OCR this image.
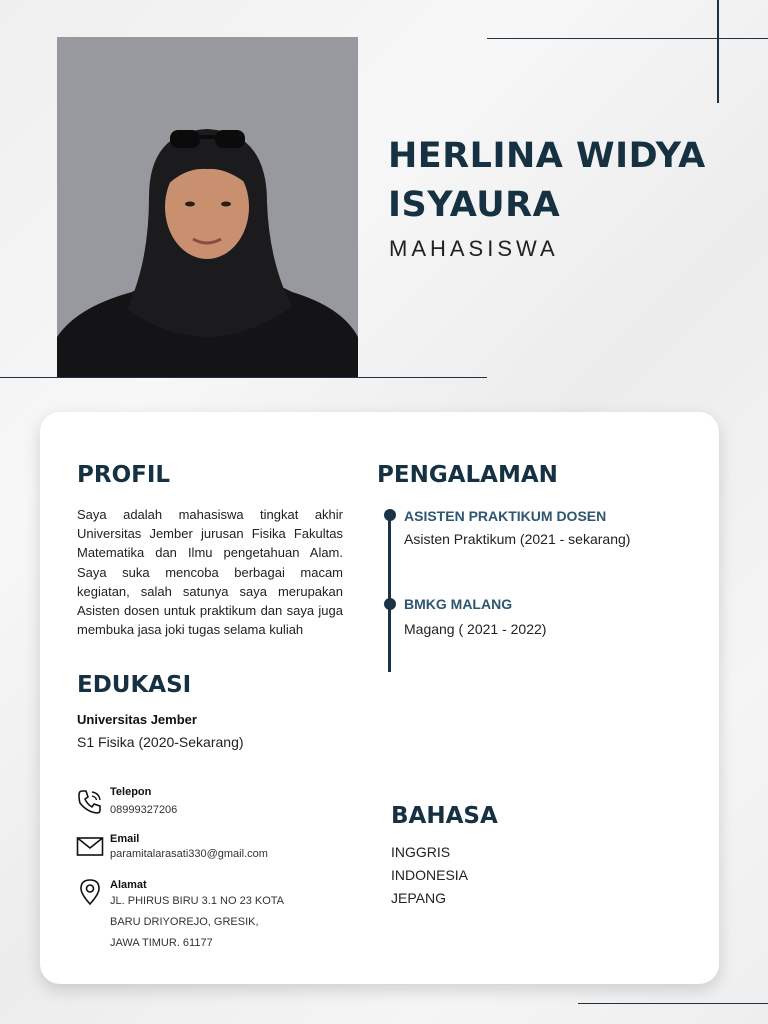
HERLINA WIDYA
ISYAURA
MAHASISWA
PROFIL

Saya adalah mahasiswa tingkat akhir Universitas Jember jurusan Fisika Fakultas Matematika dan Ilmu pengetahuan Alam. Saya suka mencoba berbagai macam kegiatan, salah satunya saya merupakan Asisten dosen untuk praktikum dan saya juga membuka jasa joki tugas selama kuliah

EDUKASI
Universitas Jember
S1 Fisika (2020-Sekarang)
PENGALAMAN
ASISTEN PRAKTIKUM DOSEN
Asisten Praktikum (2021 - sekarang)
BMKG MALANG
Magang ( 2021 - 2022)
Telepon
08999327206
Email
paramitalarasati330@gmail.com
Alamat
JL. PHIRUS BIRU 3.1 NO 23 KOTA
BARU DRIYOREJO, GRESIK,
JAWA TIMUR. 61177
BAHASA
INGGRIS
INDONESIA
JEPANG
